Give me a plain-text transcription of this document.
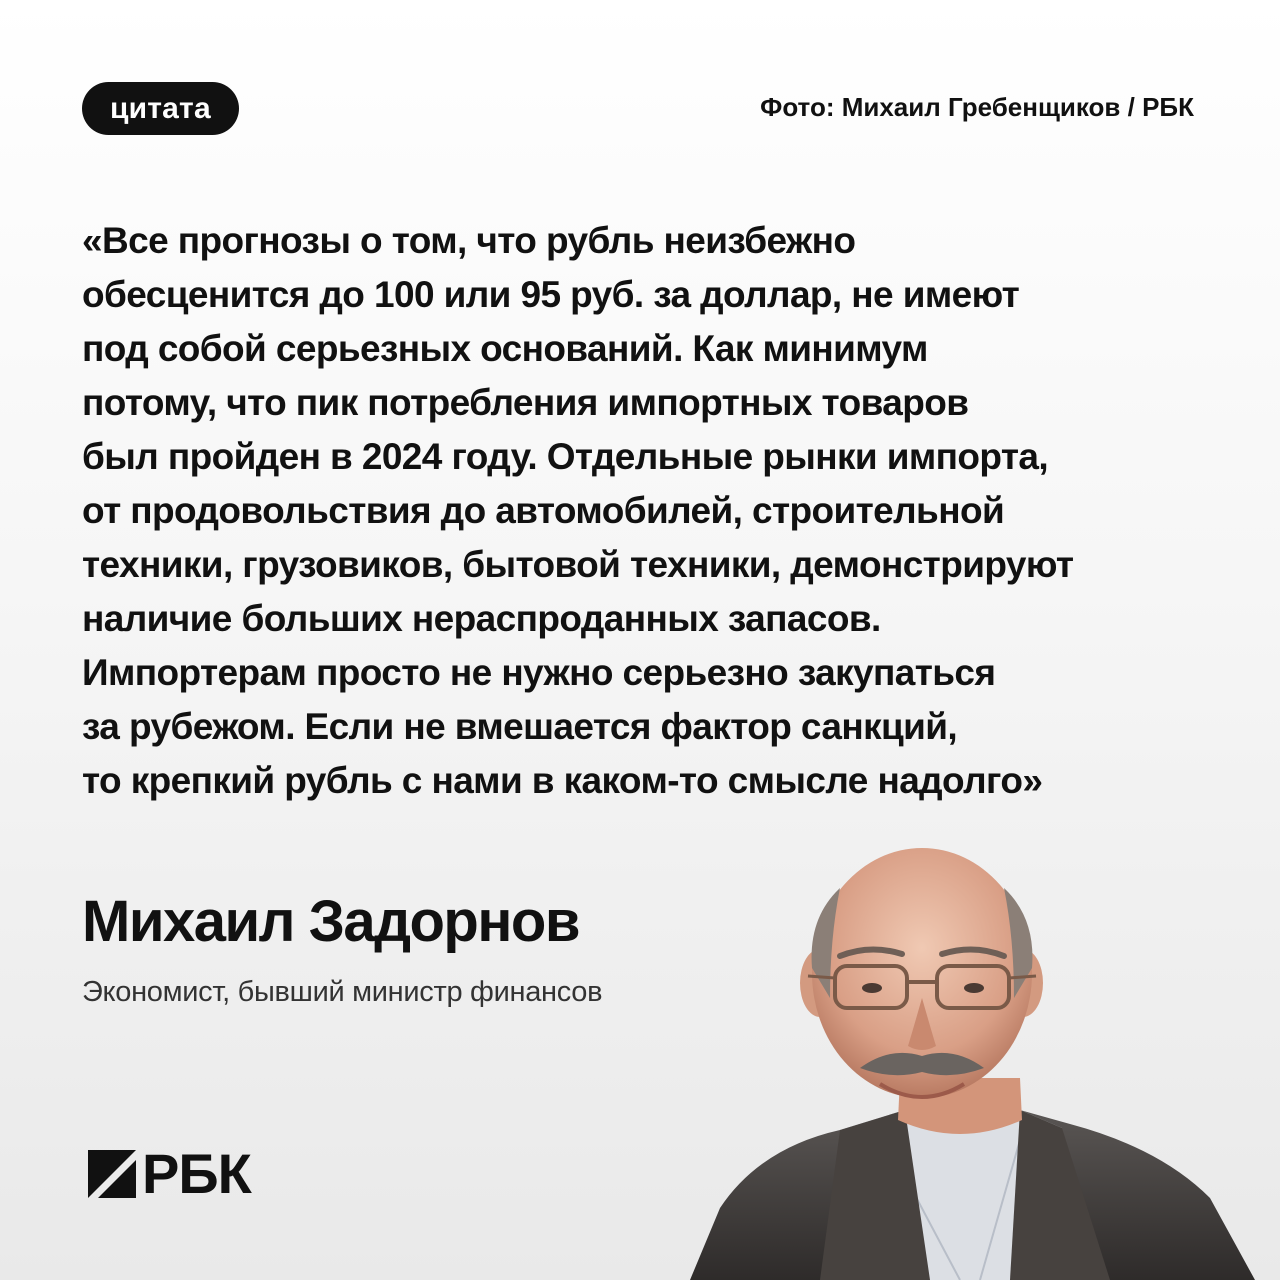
цитата	Фото: Михаил Гребенщиков / РБК
«Все прогнозы о том, что рубль неизбежно
обесценится до 100 или 95 руб. за доллар, не имеют
под собой серьезных оснований. Как минимум
потому, что пик потребления импортных товаров
был пройден в 2024 году. Отдельные рынки импорта,
от продовольствия до автомобилей, строительной
техники, грузовиков, бытовой техники, демонстрируют
наличие больших нераспроданных запасов.
Импортерам просто не нужно серьезно закупаться
за рубежом. Если не вмешается фактор санкций,
то крепкий рубль с нами в каком-то смысле надолго»
Михаил Задорнов
Экономист, бывший министр финансов
РБК
